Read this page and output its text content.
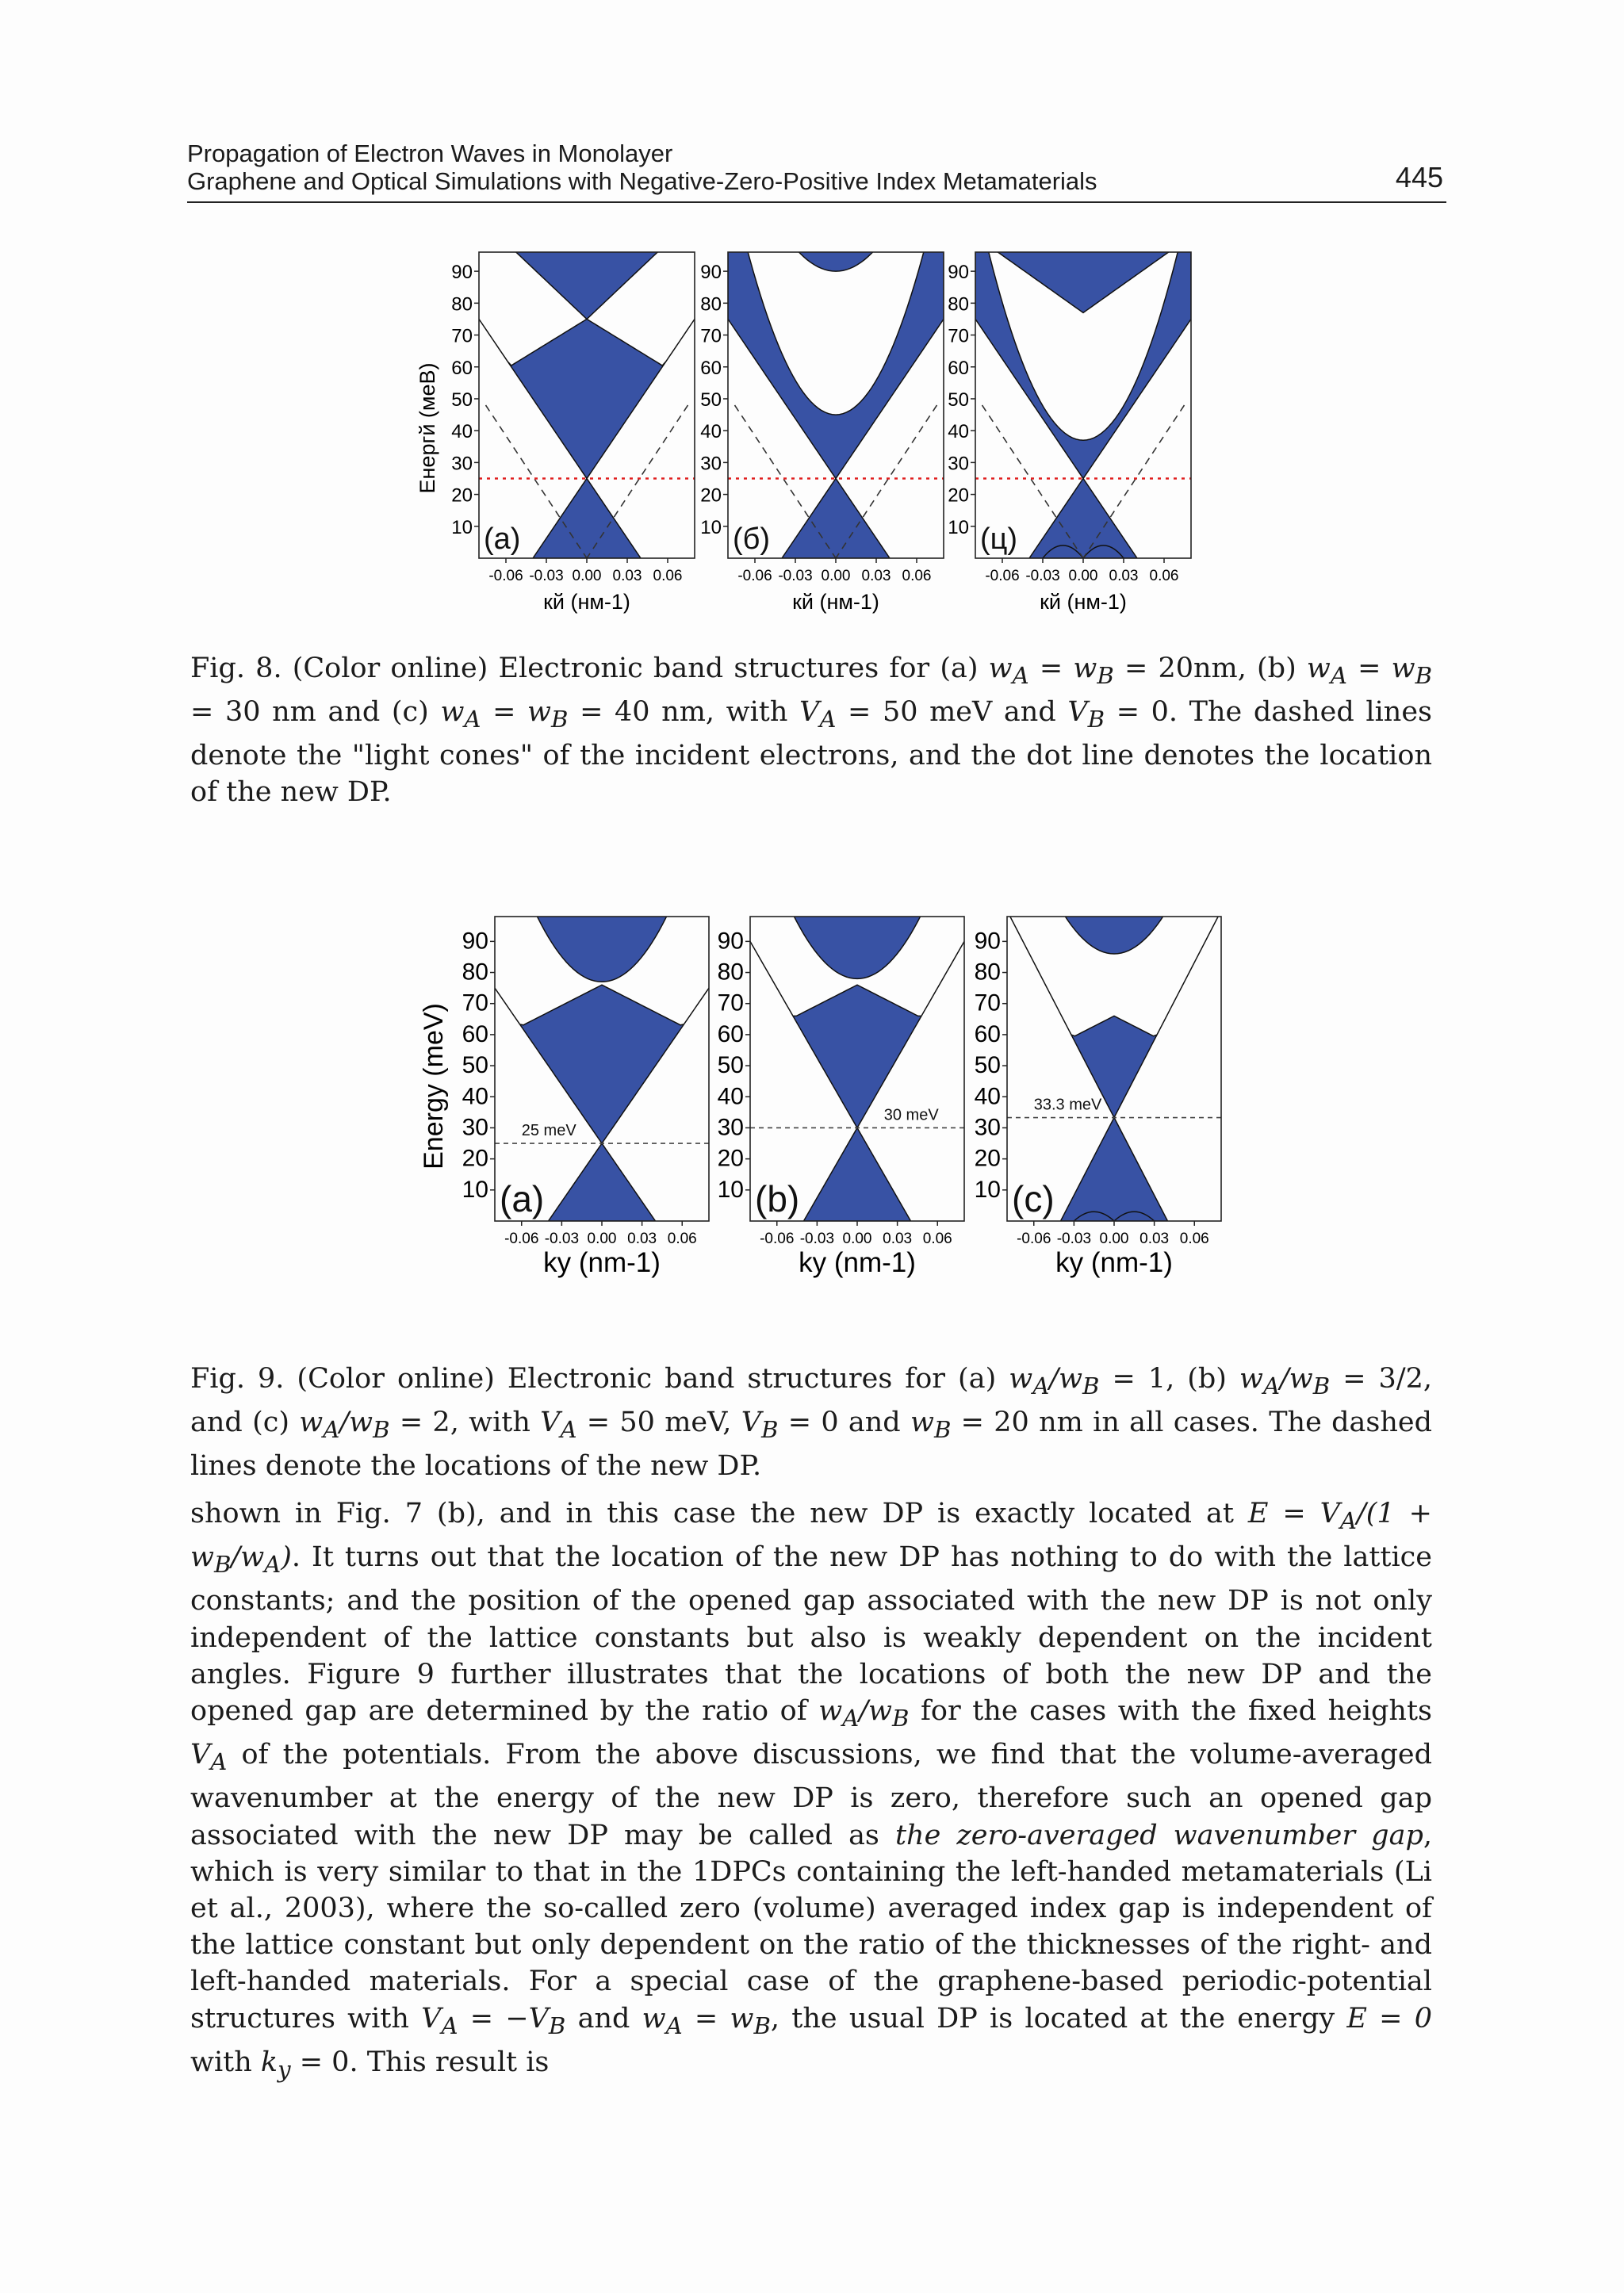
Propagation of Electron Waves in Monolayer
Graphene and Optical Simulations with Negative-Zero-Positive Index Metamaterials	445
90
80
70
60
50
40
30
20
10
-0.06 -0.03 0.00 0.03 0.06
(а)
кй (нм-1)
90
80
70
60
50
40
30
20
10
-0.06 -0.03 0.00 0.03 0.06
(б)
кй (нм-1)
90
80
70
60
50
40
30
20
10
-0.06 -0.03 0.00 0.03 0.06
(ц)
кй (нм-1)
Енергй (меВ)
Fig. 8. (Color online) Electronic band structures for (a) $w_A = w_B = 20nm$, (b) $w_A = w_B = 30$ nm and (c) $w_A = w_B = 40$ nm, with $V_A = 50$ meV and $V_B = 0$. The dashed lines denote the "light cones" of the incident electrons, and the dot line denotes the location of the new DP.
90
80
70
60
50
40
30
20
10
-0.06 -0.03 0.00 0.03 0.06
(a)
ky (nm-1)
25 meV
90
80
70
60
50
40
30
20
10
-0.06 -0.03 0.00 0.03 0.06
(b)
ky (nm-1)
30 meV
90
80
70
60
50
40
30
20
10
-0.06 -0.03 0.00 0.03 0.06
(c)
ky (nm-1)
33.3 meV
Energy (meV)
Fig. 9. (Color online) Electronic band structures for (a) $w_A/w_B = 1$, (b) $w_A/w_B = 3/2$, and (c) $w_A/w_B = 2$, with $V_A = 50$ meV, $V_B = 0$ and $w_B = 20$ nm in all cases. The dashed lines denote the locations of the new DP.

shown in Fig. 7 (b), and in this case the new DP is exactly located at $E = V_A/(1 + w_B/w_A)$. It turns out that the location of the new DP has nothing to do with the lattice constants; and the position of the opened gap associated with the new DP is not only independent of the lattice constants but also is weakly dependent on the incident angles. Figure 9 further illustrates that the locations of both the new DP and the opened gap are determined by the ratio of $w_A/w_B$ for the cases with the fixed heights $V_A$ of the potentials. From the above discussions, we find that the volume-averaged wavenumber at the energy of the new DP is zero, therefore such an opened gap associated with the new DP may be called as the zero-averaged wavenumber gap, which is very similar to that in the 1DPCs containing the left-handed metamaterials (Li et al., 2003), where the so-called zero (volume) averaged index gap is independent of the lattice constant but only dependent on the ratio of the thicknesses of the right- and left-handed materials. For a special case of the graphene-based periodic-potential structures with $V_A = -V_B$ and $w_A = w_B$, the usual DP is located at the energy E = 0 with $k_y = 0$. This result is
